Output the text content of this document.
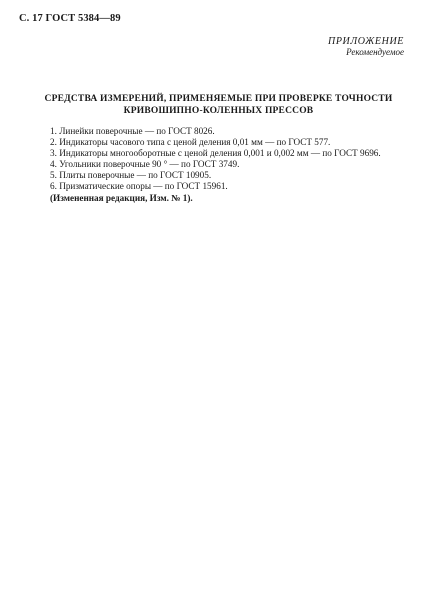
С. 17 ГОСТ 5384—89
ПРИЛОЖЕНИЕ
Рекомендуемое
СРЕДСТВА ИЗМЕРЕНИЙ, ПРИМЕНЯЕМЫЕ ПРИ ПРОВЕРКЕ ТОЧНОСТИ
КРИВОШИПНО-КОЛЕННЫХ ПРЕССОВ
1. Линейки поверочные — по ГОСТ 8026.
2. Индикаторы часового типа с ценой деления 0,01 мм — по ГОСТ 577.
3. Индикаторы многооборотные с ценой деления 0,001 и 0,002 мм — по ГОСТ 9696.
4. Угольники поверочные 90 ° — по ГОСТ 3749.
5. Плиты поверочные — по ГОСТ 10905.
6. Призматические опоры — по ГОСТ 15961.
(Измененная редакция, Изм. № 1).
